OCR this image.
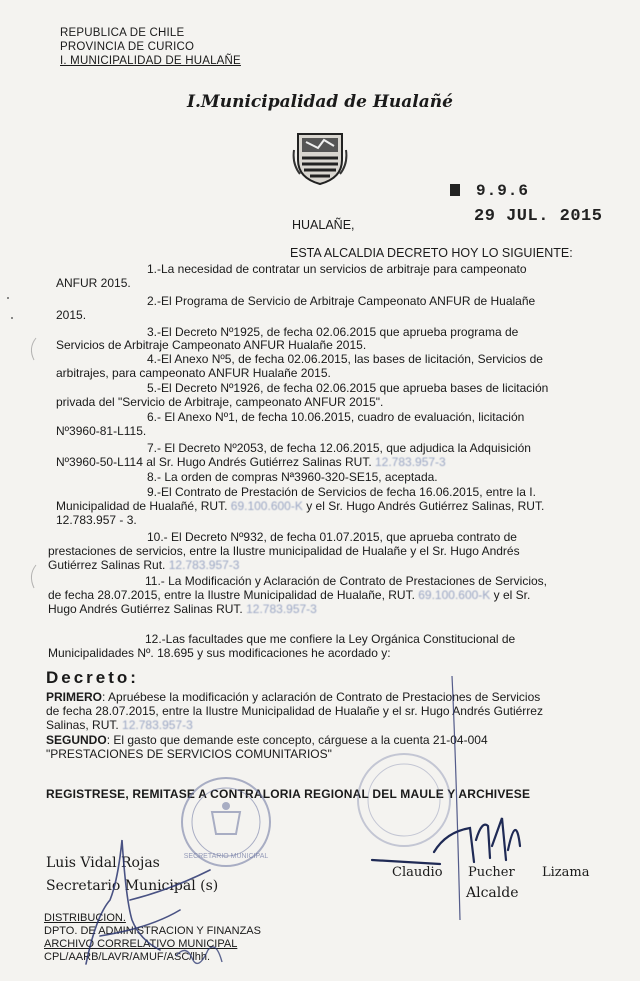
REPUBLICA DE CHILE
PROVINCIA DE CURICO
I. MUNICIPALIDAD DE HUALAÑE
I.Municipalidad de Hualañé
9.9.6
29 JUL. 2015
HUALAÑE,
ESTA ALCALDIA DECRETO HOY LO SIGUIENTE:
1.-La necesidad de contratar un servicios de arbitraje para campeonato
ANFUR 2015.
2.-El Programa de Servicio de Arbitraje Campeonato ANFUR de Hualañe
2015.
3.-El Decreto Nº1925, de fecha 02.06.2015 que aprueba programa de
Servicios de Arbitraje Campeonato ANFUR Hualañe 2015.
4.-El Anexo Nº5, de fecha 02.06.2015, las bases de licitación, Servicios de
arbitrajes, para campeonato ANFUR Hualañe 2015.
5.-El Decreto Nº1926, de fecha 02.06.2015 que aprueba bases de licitación
privada del "Servicio de Arbitraje, campeonato ANFUR 2015".
6.- El Anexo Nº1, de fecha 10.06.2015, cuadro de evaluación, licitación
Nº3960-81-L115.
7.- El Decreto Nº2053, de fecha 12.06.2015, que adjudica la Adquisición
Nº3960-50-L114 al Sr. Hugo Andrés Gutiérrez Salinas RUT. 12.783.957-3
8.- La orden de compras Nª3960-320-SE15, aceptada.
9.-El Contrato de Prestación de Servicios de fecha 16.06.2015, entre la I.
Municipalidad de Hualañé, RUT. 69.100.600-K y el Sr. Hugo Andrés Gutiérrez Salinas, RUT.
12.783.957 - 3.
10.- El Decreto Nº932, de fecha 01.07.2015, que aprueba contrato de
prestaciones de servicios, entre la Ilustre municipalidad de Hualañe y el Sr. Hugo Andrés
Gutiérrez Salinas Rut. 12.783.957-3
11.- La Modificación y Aclaración de Contrato de Prestaciones de Servicios,
de fecha 28.07.2015, entre la Ilustre Municipalidad de Hualañe, RUT. 69.100.600-K y el Sr.
Hugo Andrés Gutiérrez Salinas RUT. 12.783.957-3
12.-Las facultades que me confiere la Ley Orgánica Constitucional de
Municipalidades Nº. 18.695 y sus modificaciones he acordado y:
Decreto:
PRIMERO: Apruébese la modificación y aclaración de Contrato de Prestaciones de Servicios
de fecha 28.07.2015, entre la Ilustre Municipalidad de Hualañe y el sr. Hugo Andrés Gutiérrez
Salinas, RUT. 12.783.957-3
SEGUNDO: El gasto que demande este concepto, cárguese a la cuenta 21-04-004
"PRESTACIONES DE SERVICIOS COMUNITARIOS"
REGISTRESE, REMITASE A CONTRALORIA REGIONAL DEL MAULE Y ARCHIVESE
Luis Vidal Rojas
Secretario Municipal (s)
Claudio Pucher Lizama
Alcalde
DISTRIBUCION.
DPTO. DE ADMINISTRACION Y FINANZAS
ARCHIVO CORRELATIVO MUNICIPAL
CPL/AARB/LAVR/AMUF/ASC/lhh.
SECRETARIO MUNICIPAL
